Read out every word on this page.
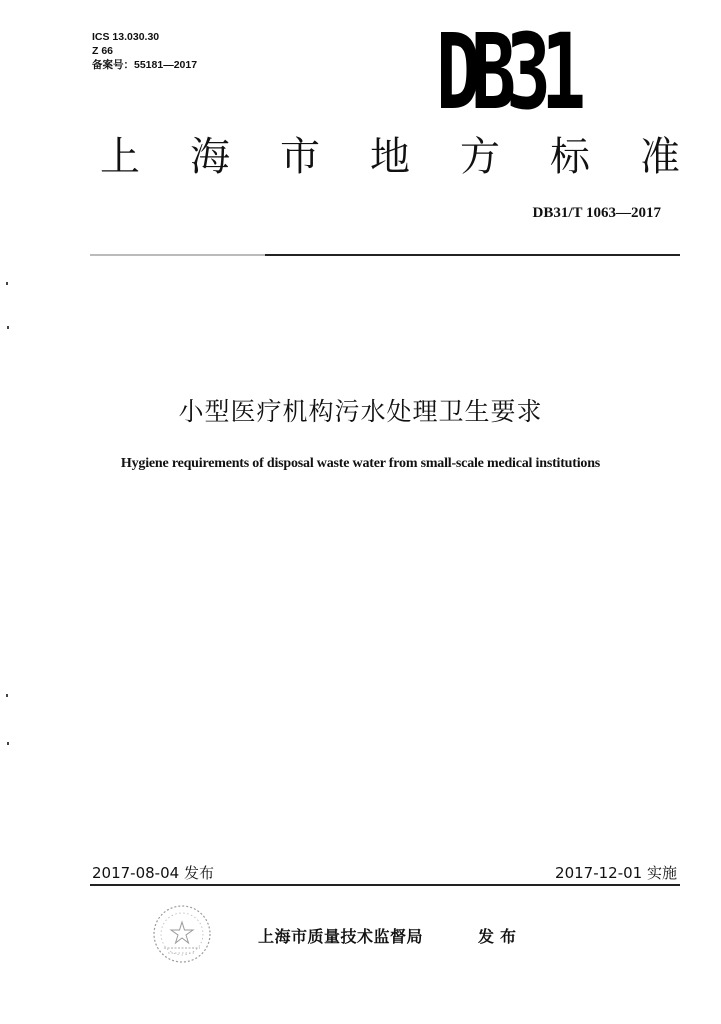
ICS 13.030.30
Z 66
备案号：55181—2017 DB31
上 海 市 地 方 标 准
DB31/T 1063—2017
小型医疗机构污水处理卫生要求
Hygiene requirements of disposal waste water from small-scale medical institutions
2017-08-04 发布	2017-12-01 实施
上海市质量技术监督局	发布
